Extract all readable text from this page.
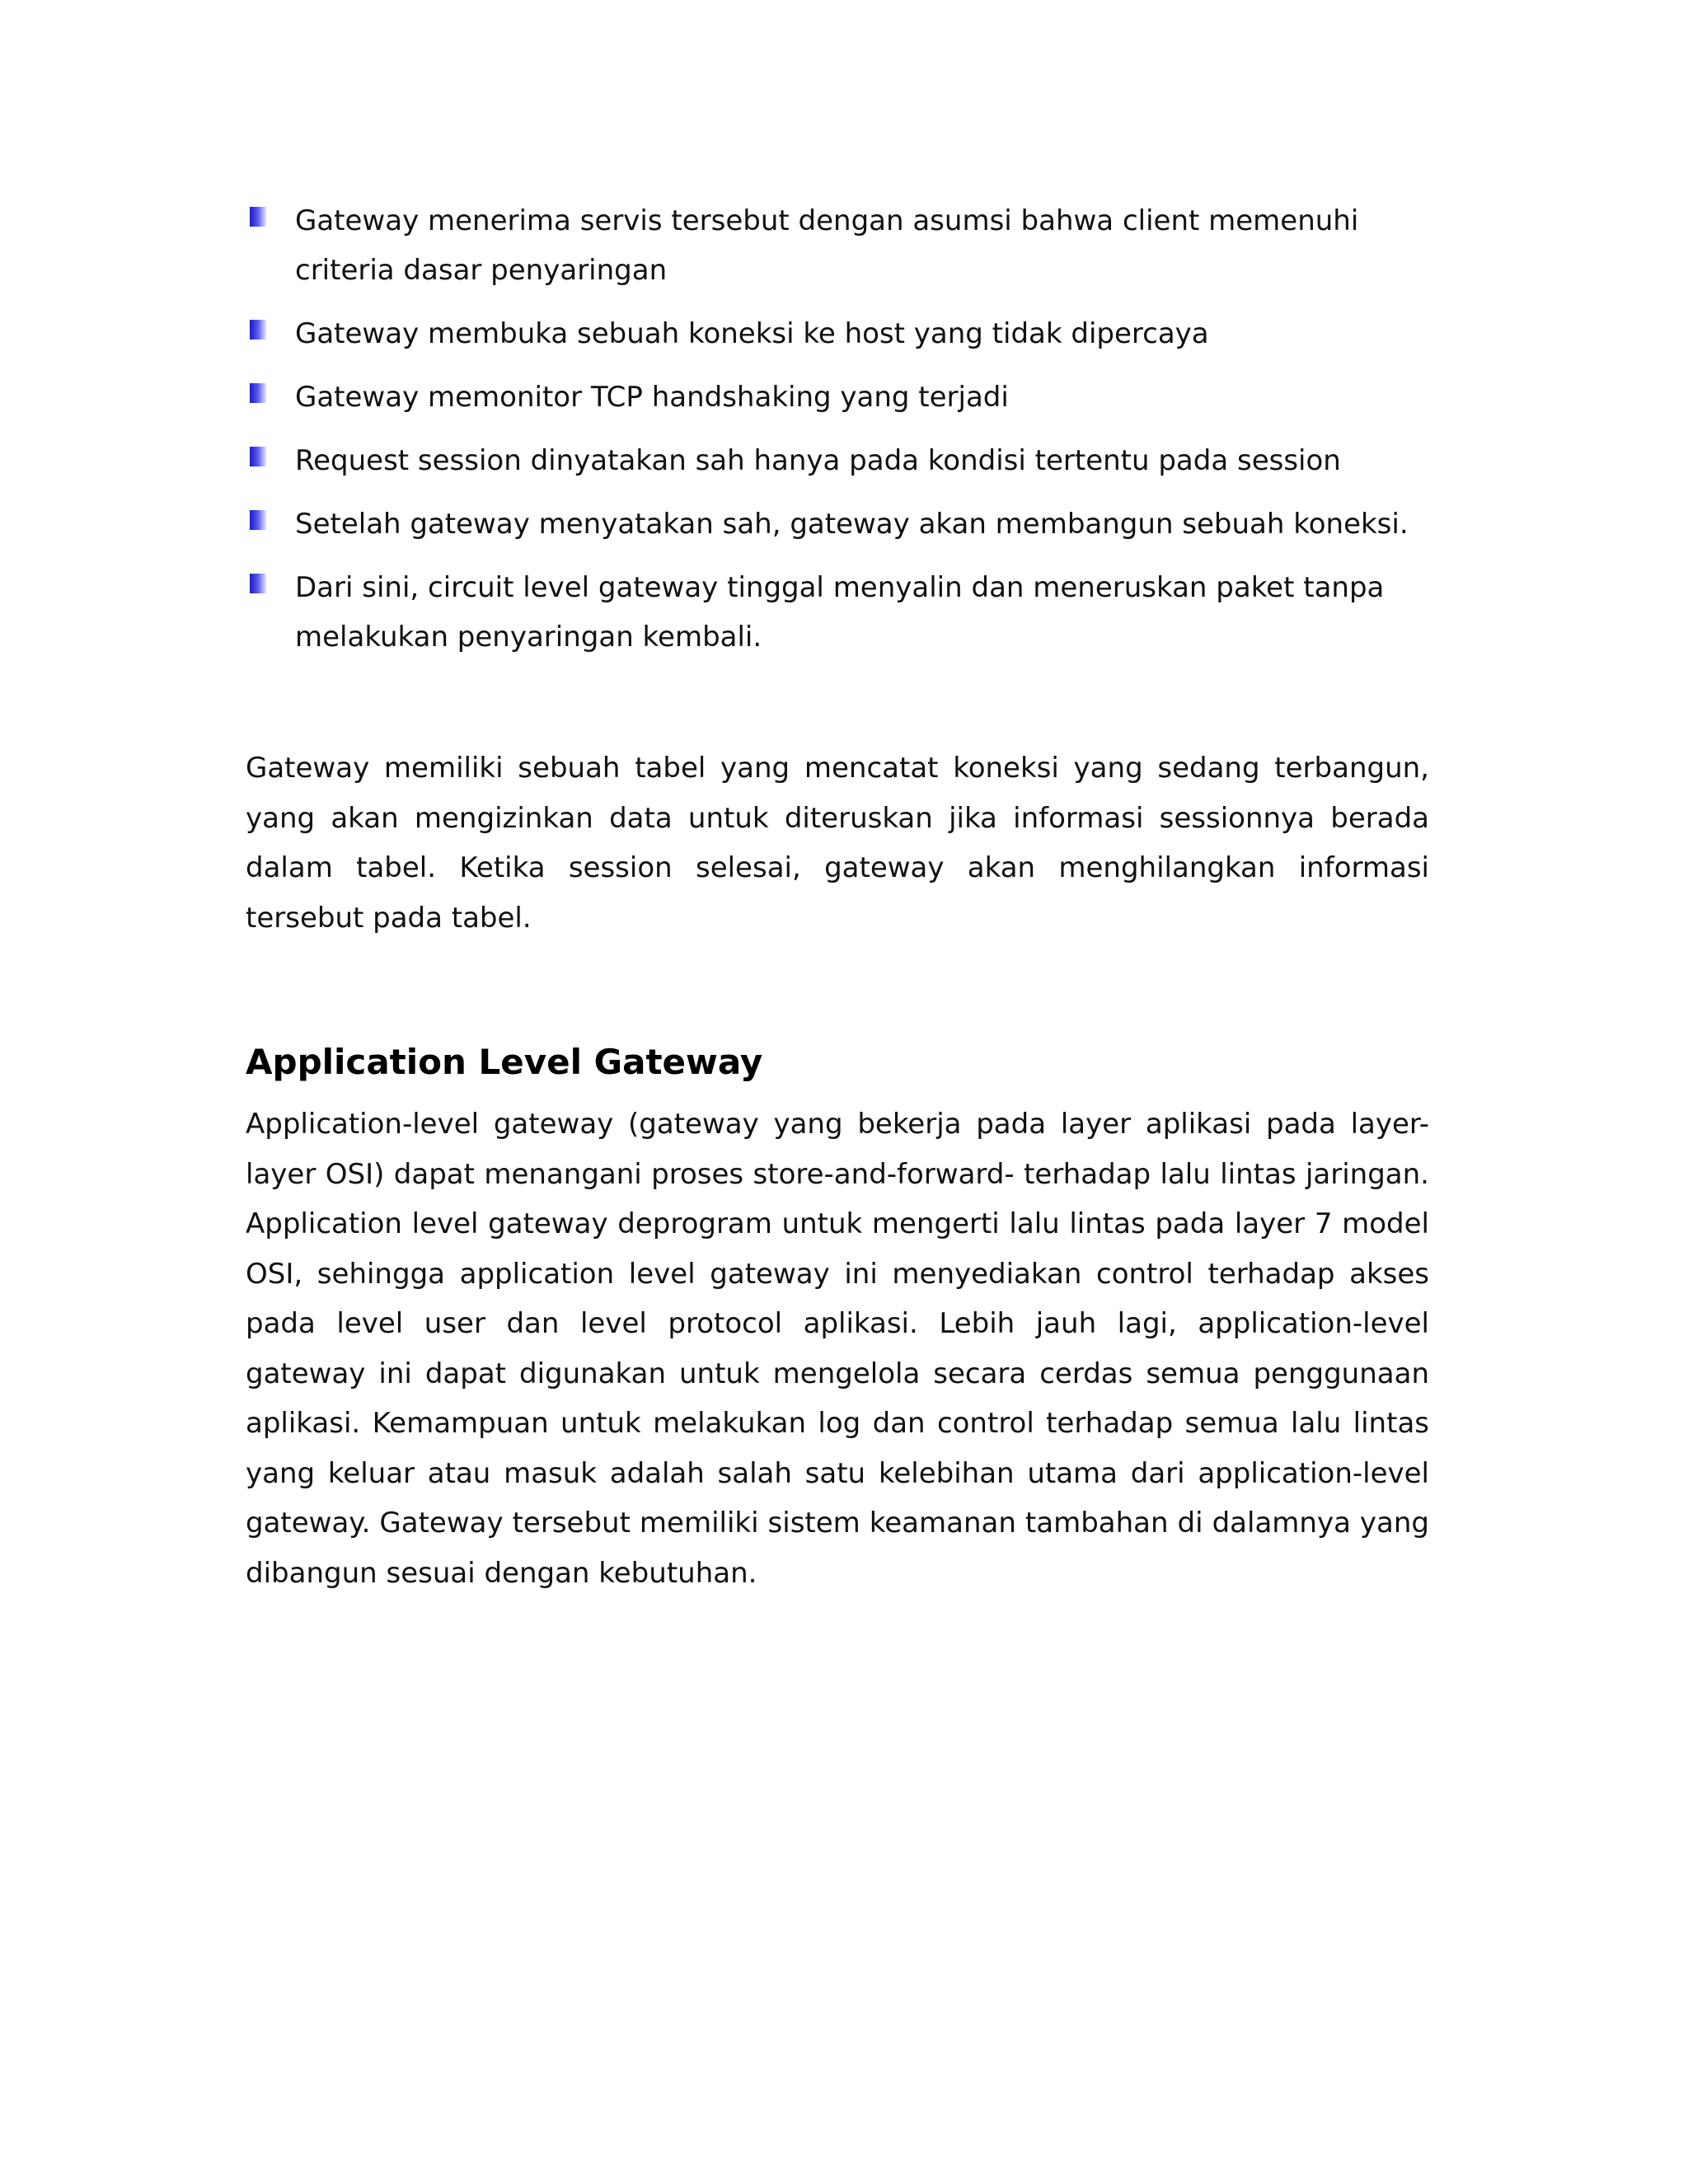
Gateway menerima servis tersebut dengan asumsi bahwa client memenuhi criteria dasar penyaringan
Gateway membuka sebuah koneksi ke host yang tidak dipercaya
Gateway memonitor TCP handshaking yang terjadi
Request session dinyatakan sah hanya pada kondisi tertentu pada session
Setelah gateway menyatakan sah, gateway akan membangun sebuah koneksi.
Dari sini, circuit level gateway tinggal menyalin dan meneruskan paket tanpa melakukan penyaringan kembali.

Gateway memiliki sebuah tabel yang mencatat koneksi yang sedang terbangun, yang akan mengizinkan data untuk diteruskan jika informasi sessionnya berada dalam tabel. Ketika session selesai, gateway akan menghilangkan informasi tersebut pada tabel.

Application Level Gateway

Application-level gateway (gateway yang bekerja pada layer aplikasi pada layer-layer OSI) dapat menangani proses store-and-forward- terhadap lalu lintas jaringan. Application level gateway deprogram untuk mengerti lalu lintas pada layer 7 model OSI, sehingga application level gateway ini menyediakan control terhadap akses pada level user dan level protocol aplikasi. Lebih jauh lagi, application-level gateway ini dapat digunakan untuk mengelola secara cerdas semua penggunaan aplikasi. Kemampuan untuk melakukan log dan control terhadap semua lalu lintas yang keluar atau masuk adalah salah satu kelebihan utama dari application-level gateway. Gateway tersebut memiliki sistem keamanan tambahan di dalamnya yang dibangun sesuai dengan kebutuhan.
